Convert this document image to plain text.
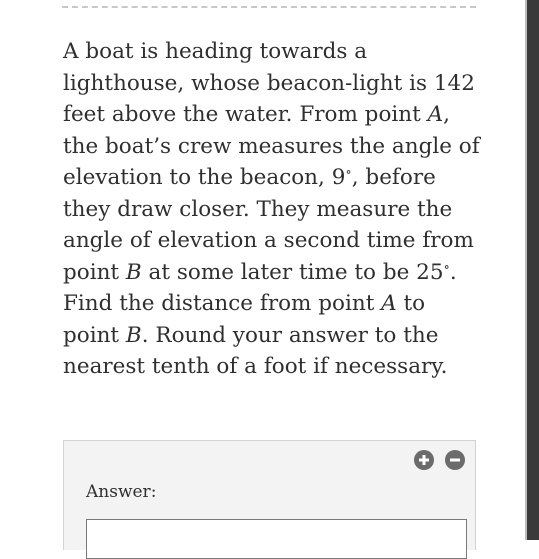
A boat is heading towards a lighthouse, whose beacon-light is 142 feet above the water. From point A, the boat’s crew measures the angle of elevation to the beacon, 9∘, before they draw closer. They measure the angle of elevation a second time from point B at some later time to be 25∘. Find the distance from point A to point B. Round your answer to the nearest tenth of a foot if necessary.
Answer:
